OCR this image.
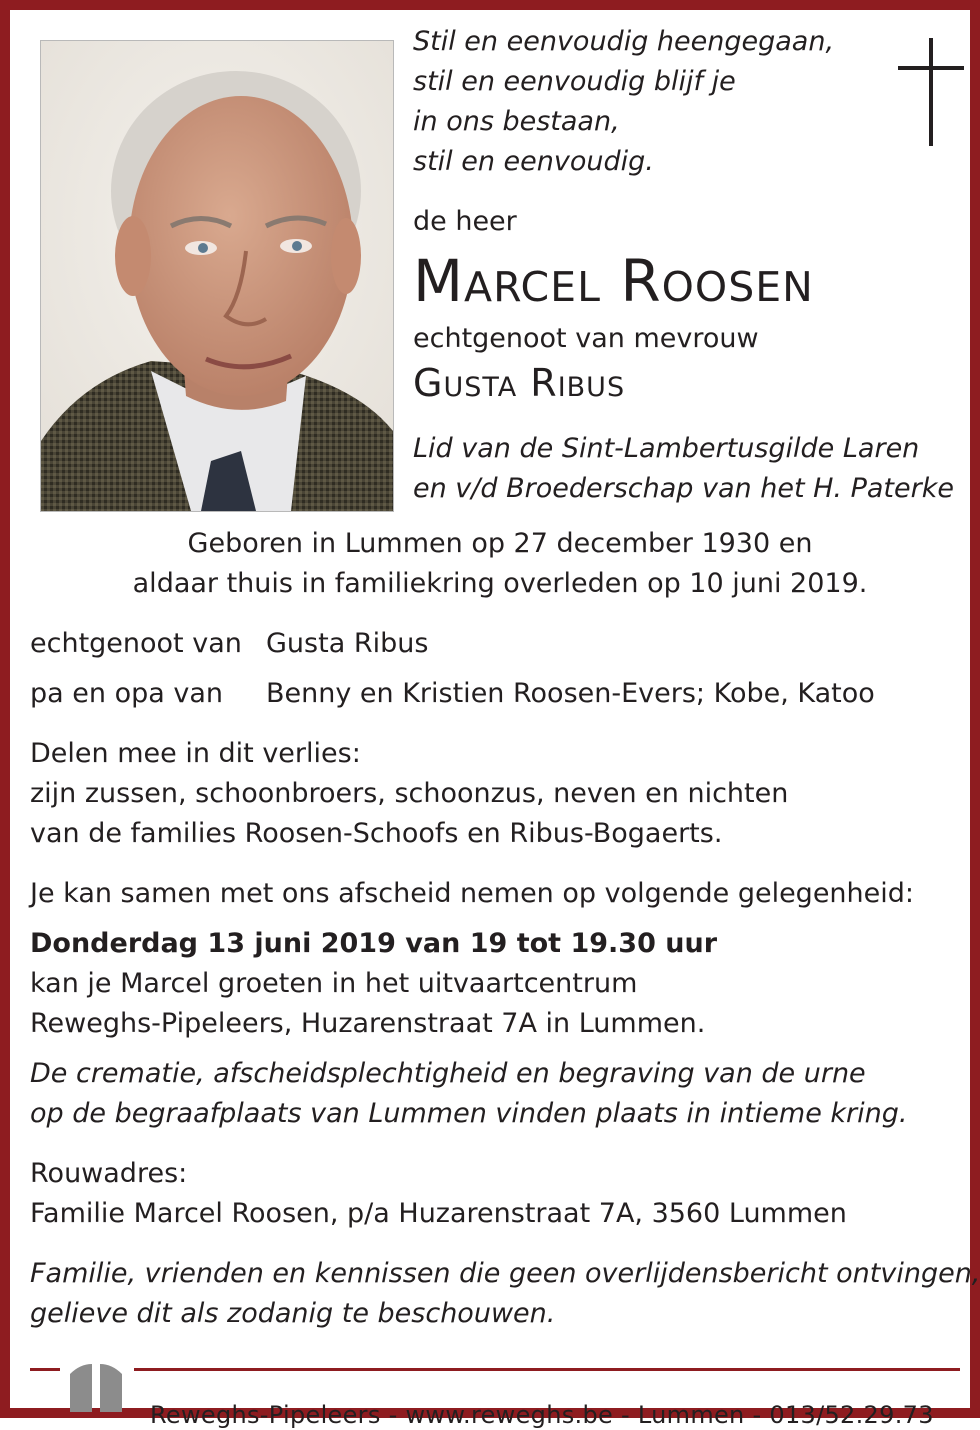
Stil en eenvoudig heengegaan,

stil en eenvoudig blijf je

in ons bestaan,

stil en eenvoudig.

de heer

Marcel Roosen

echtgenoot van mevrouw

Gusta Ribus

Lid van de Sint-Lambertusgilde Laren

en v/d Broederschap van het H. Paterke

Geboren in Lummen op 27 december 1930 en

aldaar thuis in familiekring overleden op 10 juni 2019.

echtgenoot van Gusta Ribus

pa en opa van Benny en Kristien Roosen-Evers; Kobe, Katoo

Delen mee in dit verlies:

zijn zussen, schoonbroers, schoonzus, neven en nichten

van de families Roosen-Schoofs en Ribus-Bogaerts.

Je kan samen met ons afscheid nemen op volgende gelegenheid:

Donderdag 13 juni 2019 van 19 tot 19.30 uur

kan je Marcel groeten in het uitvaartcentrum

Reweghs-Pipeleers, Huzarenstraat 7A in Lummen.

De crematie, afscheidsplechtigheid en begraving van de urne

op de begraafplaats van Lummen vinden plaats in intieme kring.

Rouwadres:

Familie Marcel Roosen, p/a Huzarenstraat 7A, 3560 Lummen

Familie, vrienden en kennissen die geen overlijdensbericht ontvingen,

gelieve dit als zodanig te beschouwen.

Reweghs-Pipeleers - www.reweghs.be - Lummen - 013/52.29.73
